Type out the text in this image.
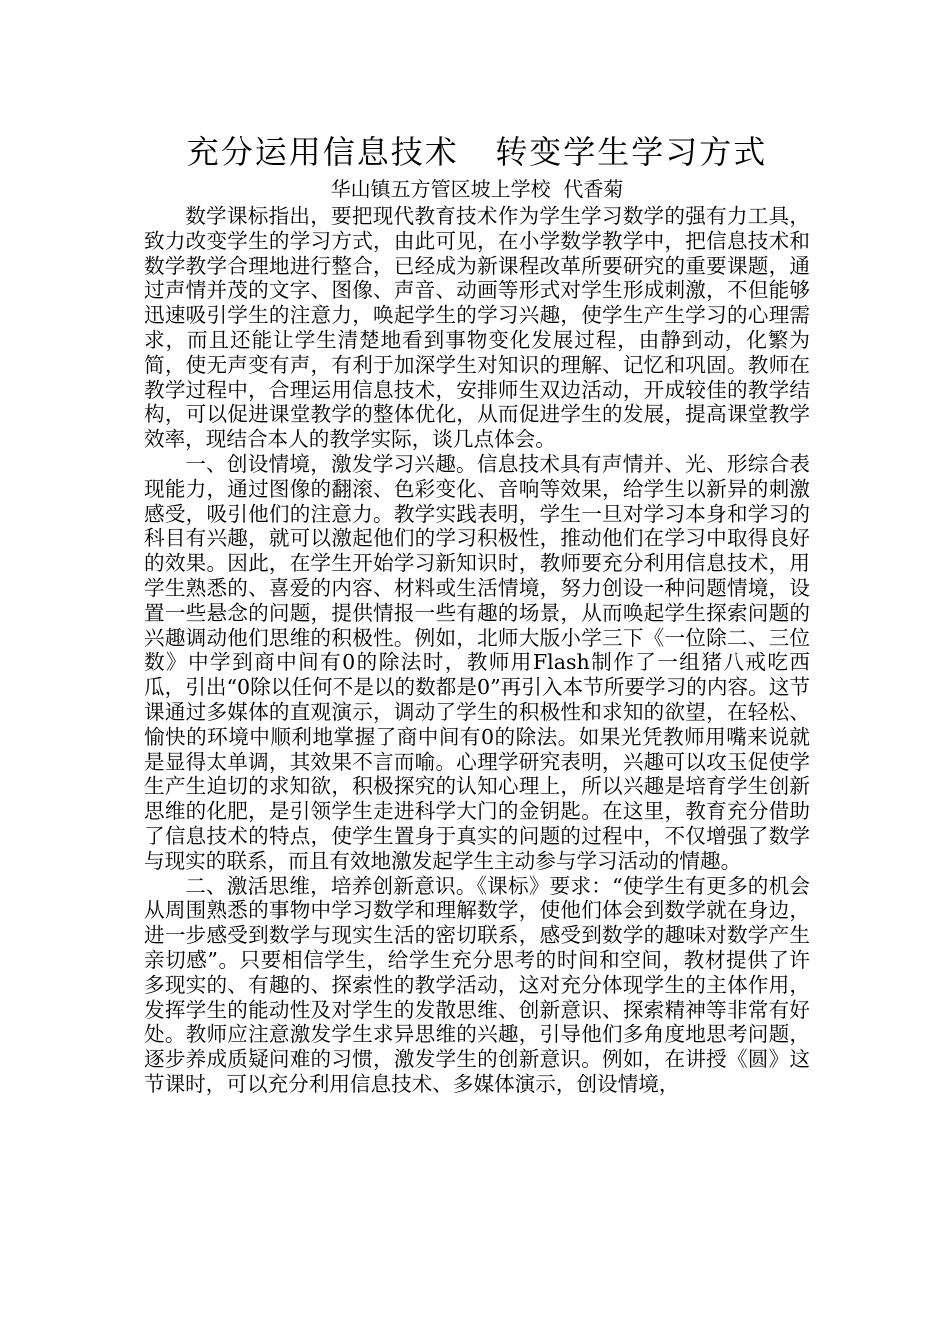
充分运用信息技术   转变学生学习方式

华山镇五方管区坡上学校  代香菊

数学课标指出，要把现代教育技术作为学生学习数学的强有力工具，致力改变学生的学习方式，由此可见，在小学数学教学中，把信息技术和数学教学合理地进行整合，已经成为新课程改革所要研究的重要课题，通过声情并茂的文字、图像、声音、动画等形式对学生形成刺激，不但能够迅速吸引学生的注意力，唤起学生的学习兴趣，使学生产生学习的心理需求，而且还能让学生清楚地看到事物变化发展过程，由静到动，化繁为简，使无声变有声，有利于加深学生对知识的理解、记忆和巩固。教师在教学过程中，合理运用信息技术，安排师生双边活动，开成较佳的教学结构，可以促进课堂教学的整体优化，从而促进学生的发展，提高课堂教学效率，现结合本人的教学实际，谈几点体会。

一、创设情境，激发学习兴趣。信息技术具有声情并、光、形综合表现能力，通过图像的翻滚、色彩变化、音响等效果，给学生以新异的刺激感受，吸引他们的注意力。教学实践表明，学生一旦对学习本身和学习的科目有兴趣，就可以激起他们的学习积极性，推动他们在学习中取得良好的效果。因此，在学生开始学习新知识时，教师要充分利用信息技术，用学生熟悉的、喜爱的内容、材料或生活情境，努力创设一种问题情境，设置一些悬念的问题，提供情报一些有趣的场景，从而唤起学生探索问题的兴趣调动他们思维的积极性。例如，北师大版小学三下《一位除二、三位数》中学到商中间有0的除法时，教师用Flash制作了一组猪八戒吃西瓜，引出“0除以任何不是以的数都是0”再引入本节所要学习的内容。这节课通过多媒体的直观演示，调动了学生的积极性和求知的欲望，在轻松、愉快的环境中顺利地掌握了商中间有0的除法。如果光凭教师用嘴来说就是显得太单调，其效果不言而喻。心理学研究表明，兴趣可以攻玉促使学生产生迫切的求知欲，积极探究的认知心理上，所以兴趣是培育学生创新思维的化肥，是引领学生走进科学大门的金钥匙。在这里，教育充分借助了信息技术的特点，使学生置身于真实的问题的过程中，不仅增强了数学与现实的联系，而且有效地激发起学生主动参与学习活动的情趣。

二、激活思维，培养创新意识。《课标》要求：“使学生有更多的机会从周围熟悉的事物中学习数学和理解数学，使他们体会到数学就在身边，进一步感受到数学与现实生活的密切联系，感受到数学的趣味对数学产生亲切感”。只要相信学生，给学生充分思考的时间和空间，教材提供了许多现实的、有趣的、探索性的教学活动，这对充分体现学生的主体作用，发挥学生的能动性及对学生的发散思维、创新意识、探索精神等非常有好处。教师应注意激发学生求异思维的兴趣，引导他们多角度地思考问题，逐步养成质疑问难的习惯，激发学生的创新意识。例如，在讲授《圆》这节课时，可以充分利用信息技术、多媒体演示，创设情境，
